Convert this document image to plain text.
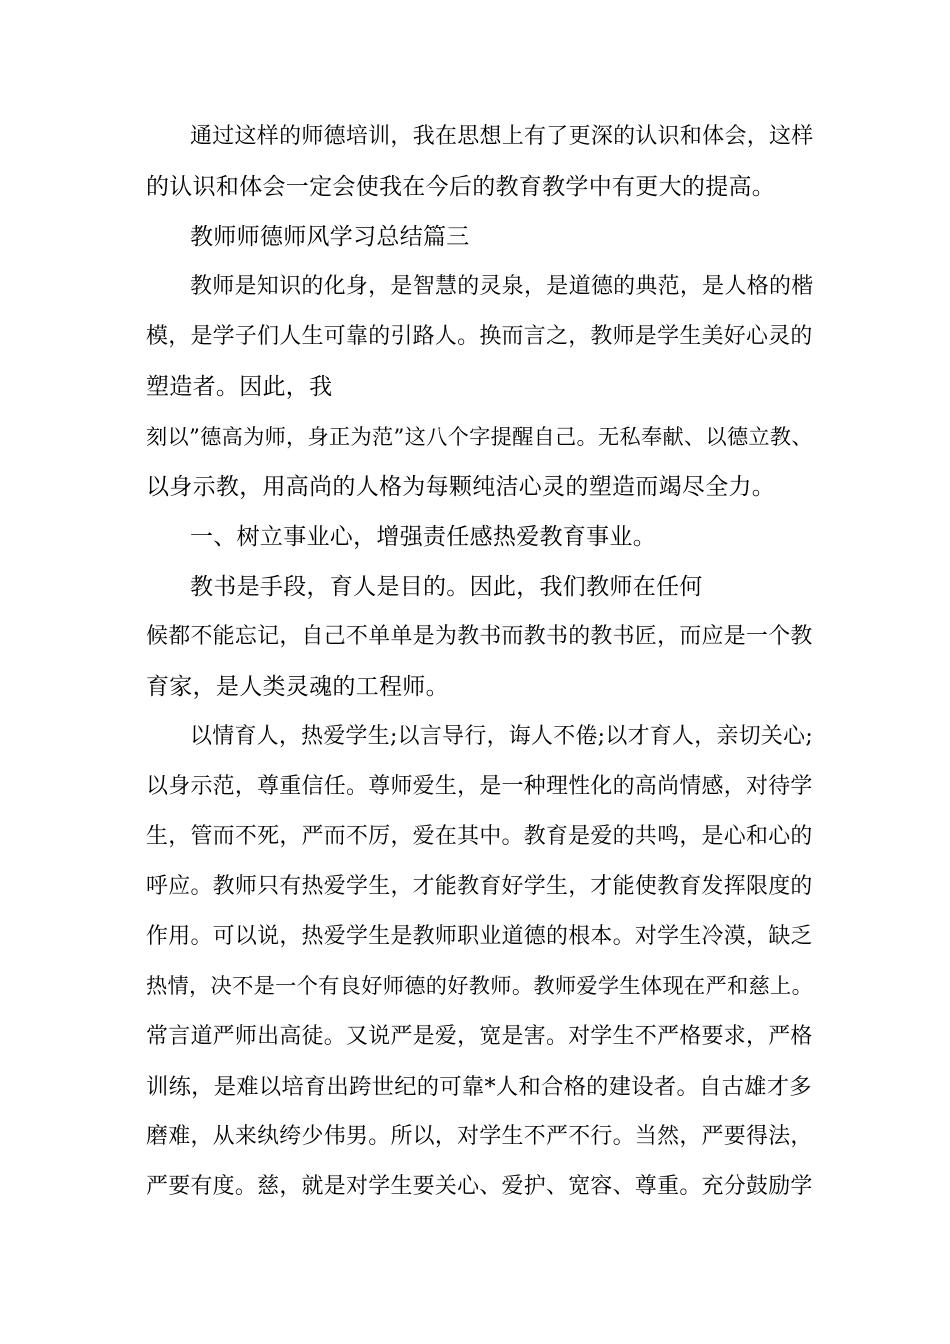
通过这样的师德培训，我在思想上有了更深的认识和体会，这样
的认识和体会一定会使我在今后的教育教学中有更大的提高。
教师师德师风学习总结篇三
教师是知识的化身，是智慧的灵泉，是道德的典范，是人格的楷
模，是学子们人生可靠的引路人。换而言之，教师是学生美好心灵的
塑造者。因此，我
刻以”德高为师，身正为范”这八个字提醒自己。无私奉献、以德立教、
以身示教，用高尚的人格为每颗纯洁心灵的塑造而竭尽全力。
一、树立事业心，增强责任感热爱教育事业。
教书是手段，育人是目的。因此，我们教师在任何
候都不能忘记，自己不单单是为教书而教书的教书匠，而应是一个教
育家，是人类灵魂的工程师。
以情育人，热爱学生;以言导行，诲人不倦;以才育人，亲切关心;
以身示范，尊重信任。尊师爱生，是一种理性化的高尚情感，对待学
生，管而不死，严而不厉，爱在其中。教育是爱的共鸣，是心和心的
呼应。教师只有热爱学生，才能教育好学生，才能使教育发挥限度的
作用。可以说，热爱学生是教师职业道德的根本。对学生冷漠，缺乏
热情，决不是一个有良好师德的好教师。教师爱学生体现在严和慈上。
常言道严师出高徒。又说严是爱，宽是害。对学生不严格要求，严格
训练，是难以培育出跨世纪的可靠*人和合格的建设者。自古雄才多
磨难，从来纨绔少伟男。所以，对学生不严不行。当然，严要得法，
严要有度。慈，就是对学生要关心、爱护、宽容、尊重。充分鼓励学
